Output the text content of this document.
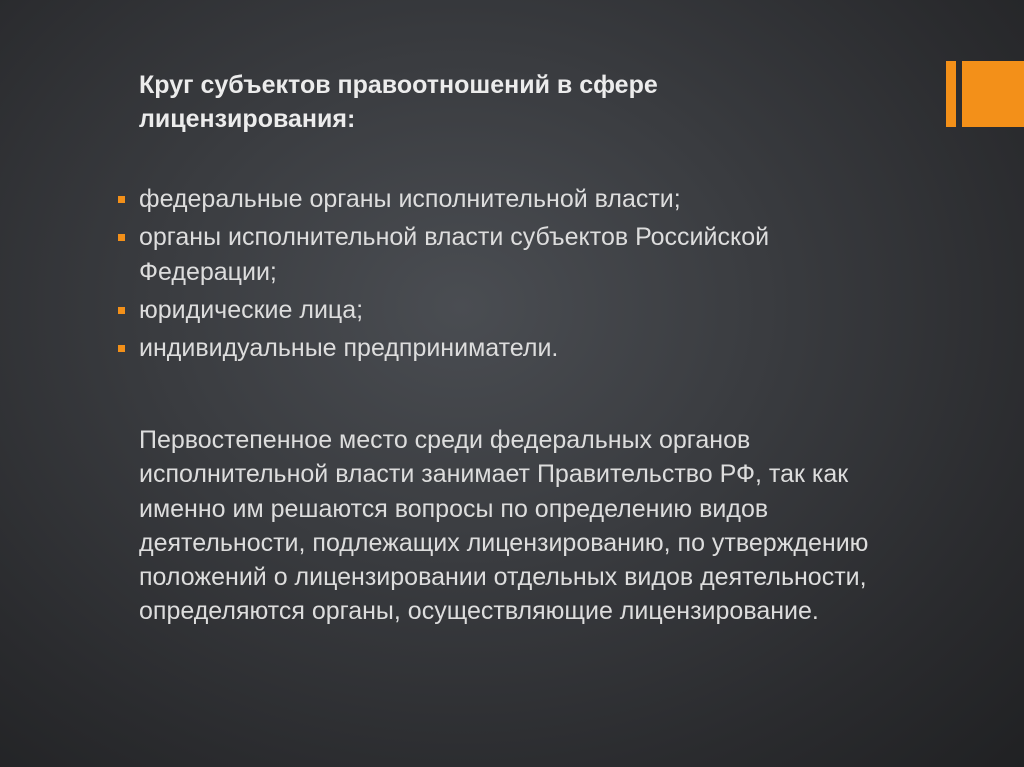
Круг субъектов правоотношений в сфере лицензирования:
федеральные органы исполнительной власти;
органы исполнительной власти субъектов Российской Федерации;
юридические лица;
индивидуальные предприниматели.

Первостепенное место среди федеральных органов исполнительной власти занимает Правительство РФ, так как именно им решаются вопросы по определению видов деятельности, подлежащих лицензированию, по утверждению положений о лицензировании отдельных видов деятельности, определяются органы, осуществляющие лицензирование.
